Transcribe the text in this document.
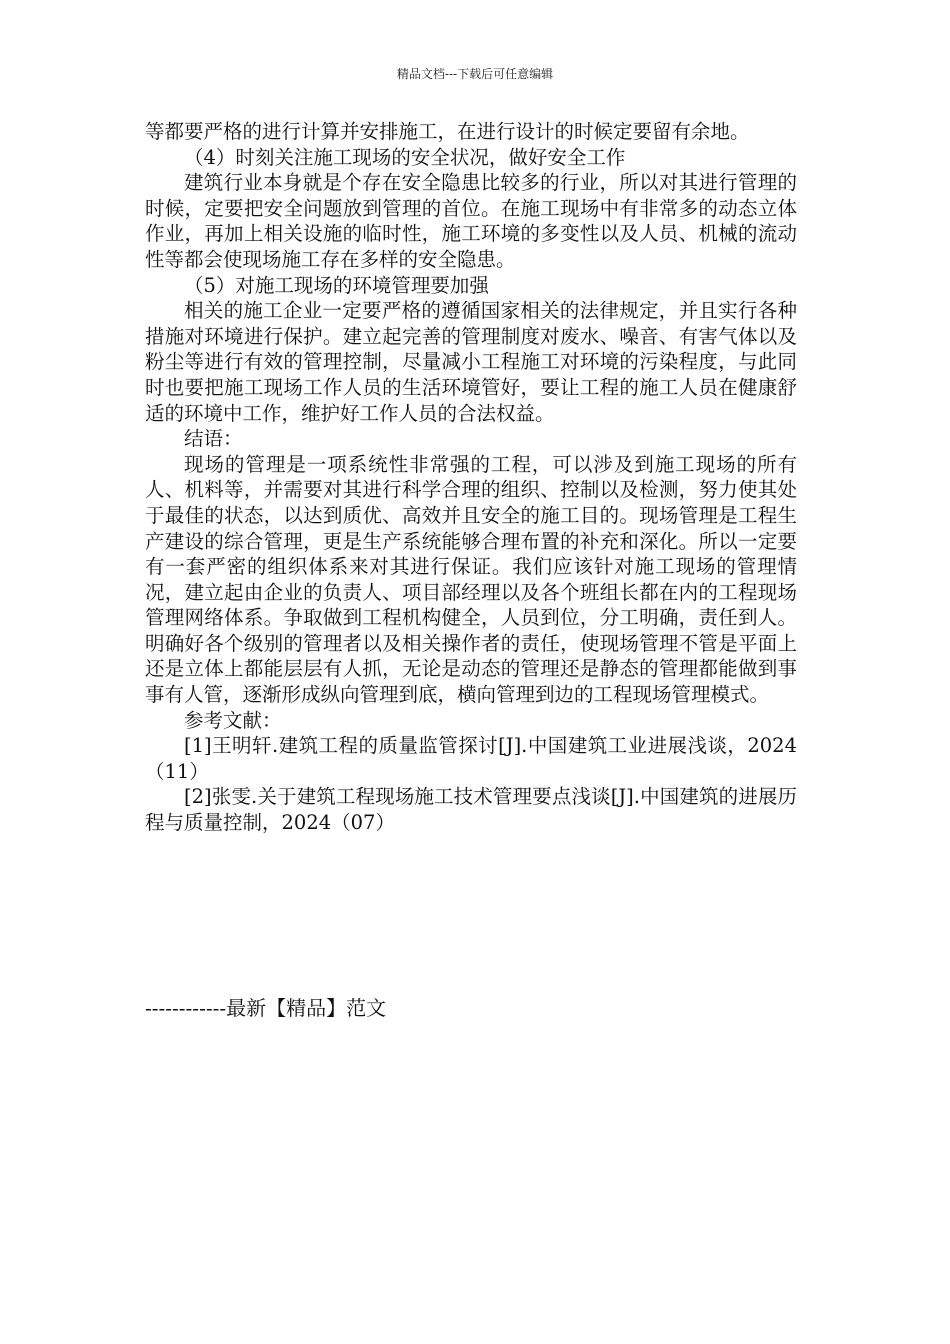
精品文档---下载后可任意编辑

等都要严格的进行计算并安排施工，在进行设计的时候定要留有余地。

（4）时刻关注施工现场的安全状况，做好安全工作

建筑行业本身就是个存在安全隐患比较多的行业，所以对其进行管理的时候，定要把安全问题放到管理的首位。在施工现场中有非常多的动态立体作业，再加上相关设施的临时性，施工环境的多变性以及人员、机械的流动性等都会使现场施工存在多样的安全隐患。

（5）对施工现场的环境管理要加强

相关的施工企业一定要严格的遵循国家相关的法律规定，并且实行各种措施对环境进行保护。建立起完善的管理制度对废水、噪音、有害气体以及粉尘等进行有效的管理控制，尽量减小工程施工对环境的污染程度，与此同时也要把施工现场工作人员的生活环境管好，要让工程的施工人员在健康舒适的环境中工作，维护好工作人员的合法权益。

结语：

现场的管理是一项系统性非常强的工程，可以涉及到施工现场的所有人、机料等，并需要对其进行科学合理的组织、控制以及检测，努力使其处于最佳的状态，以达到质优、高效并且安全的施工目的。现场管理是工程生产建设的综合管理，更是生产系统能够合理布置的补充和深化。所以一定要有一套严密的组织体系来对其进行保证。我们应该针对施工现场的管理情况，建立起由企业的负责人、项目部经理以及各个班组长都在内的工程现场管理网络体系。争取做到工程机构健全，人员到位，分工明确，责任到人。明确好各个级别的管理者以及相关操作者的责任，使现场管理不管是平面上还是立体上都能层层有人抓，无论是动态的管理还是静态的管理都能做到事事有人管，逐渐形成纵向管理到底，横向管理到边的工程现场管理模式。

参考文献：

[1]王明轩.建筑工程的质量监管探讨[J].中国建筑工业进展浅谈，2024（11）

[2]张雯.关于建筑工程现场施工技术管理要点浅谈[J].中国建筑的进展历程与质量控制，2024（07）

------------最新【精品】范文
